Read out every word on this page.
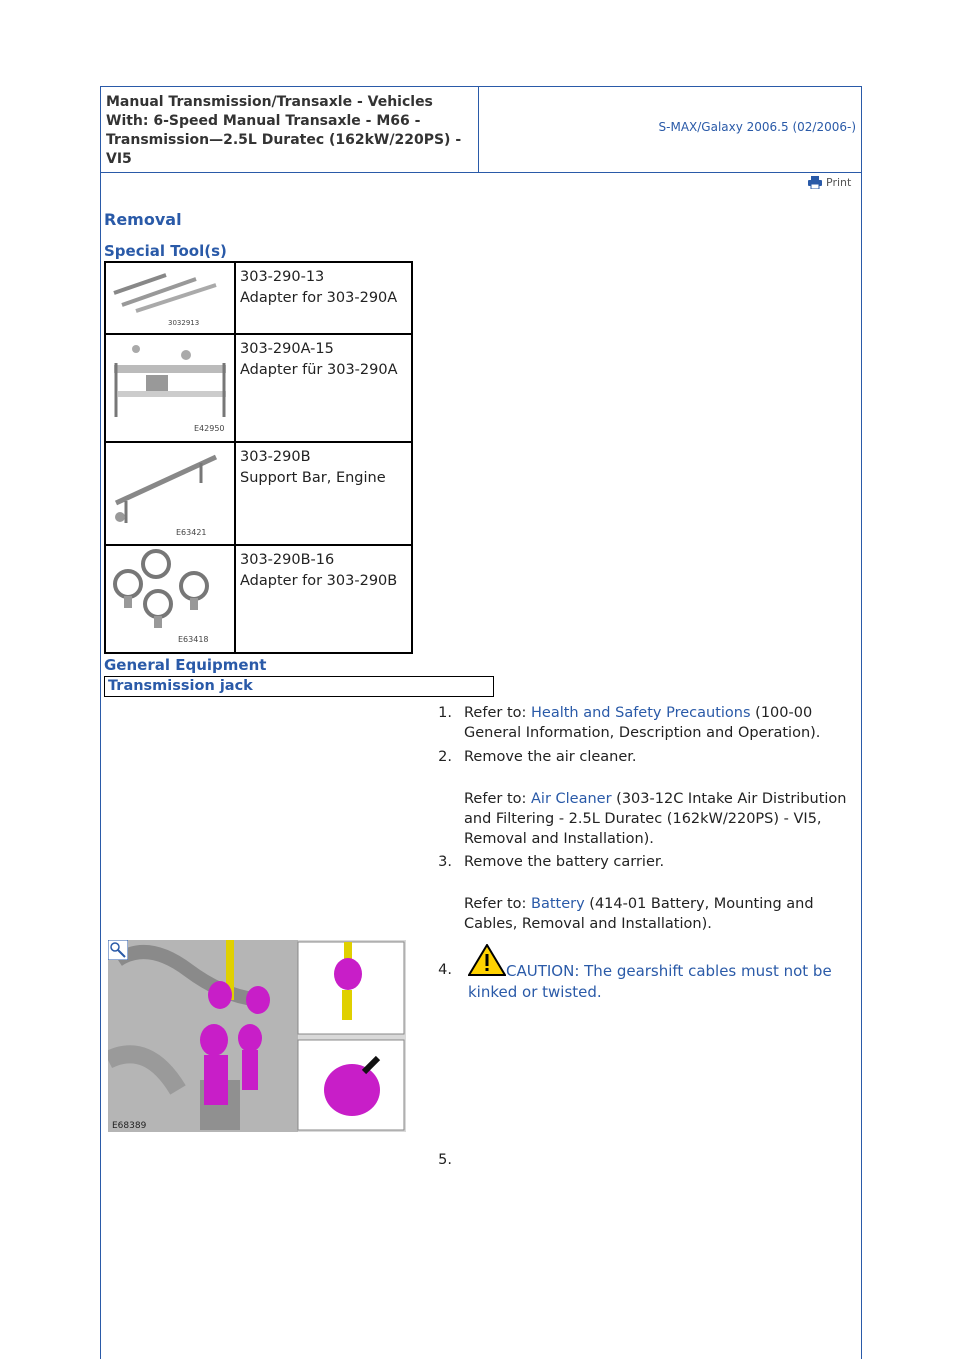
Manual Transmission/Transaxle - Vehicles With: 6-Speed Manual Transaxle - M66 - Transmission—2.5L Duratec (162kW/220PS) - VI5
S-MAX/Galaxy 2006.5 (02/2006-)
Print
Removal
Special Tool(s)
3032913	303-290-13
Adapter for 303-290A

E42950	303-290A-15
Adapter für 303-290A

E63421	303-290B
Support Bar, Engine

E63418	303-290B-16
Adapter for 303-290B
General Equipment
Transmission jack
1. Refer to: Health and Safety Precautions (100-00 General Information, Description and Operation).
2. Remove the air cleaner.
Refer to: Air Cleaner (303-12C Intake Air Distribution and Filtering - 2.5L Duratec (162kW/220PS) - VI5, Removal and Installation).
3. Remove the battery carrier.
Refer to: Battery (414-01 Battery, Mounting and Cables, Removal and Installation).
E68389
4.	CAUTION: The gearshift cables must not be kinked or twisted.
5.
